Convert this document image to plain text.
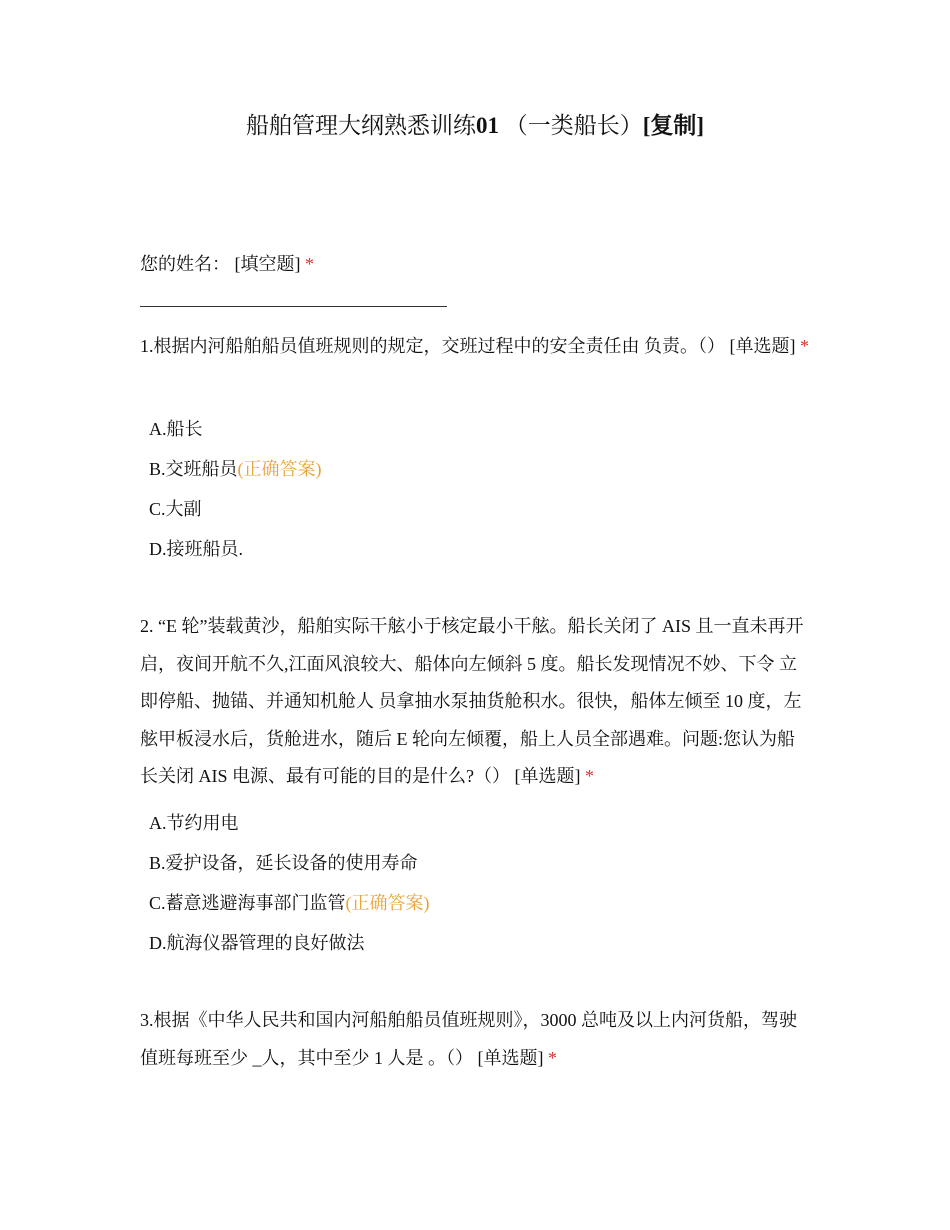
船舶管理大纲熟悉训练01 （一类船长）[复制]
您的姓名： [填空题] *
1.根据内河船舶船员值班规则的规定，交班过程中的安全责任由 负责。（） [单选题] *
A.船长
B.交班船员(正确答案)
C.大副
D.接班船员.
2. “E 轮”装载黄沙，船舶实际干舷小于核定最小干舷。船长关闭了 AIS 且一直未再开启，夜间开航不久,江面风浪较大、船体向左倾斜 5 度。船长发现情况不妙、下令 立即停船、抛锚、并通知机舱人 员拿抽水泵抽货舱积水。很快，船体左倾至 10 度，左舷甲板浸水后，货舱进水，随后 E 轮向左倾覆，船上人员全部遇难。问题:您认为船长关闭 AIS 电源、最有可能的目的是什么?（） [单选题] *
A.节约用电
B.爱护设备，延长设备的使用寿命
C.蓄意逃避海事部门监管(正确答案)
D.航海仪器管理的良好做法
3.根据《中华人民共和国内河船舶船员值班规则》，3000 总吨及以上内河货船，驾驶值班每班至少 _人，其中至少 1 人是 。（） [单选题] *
